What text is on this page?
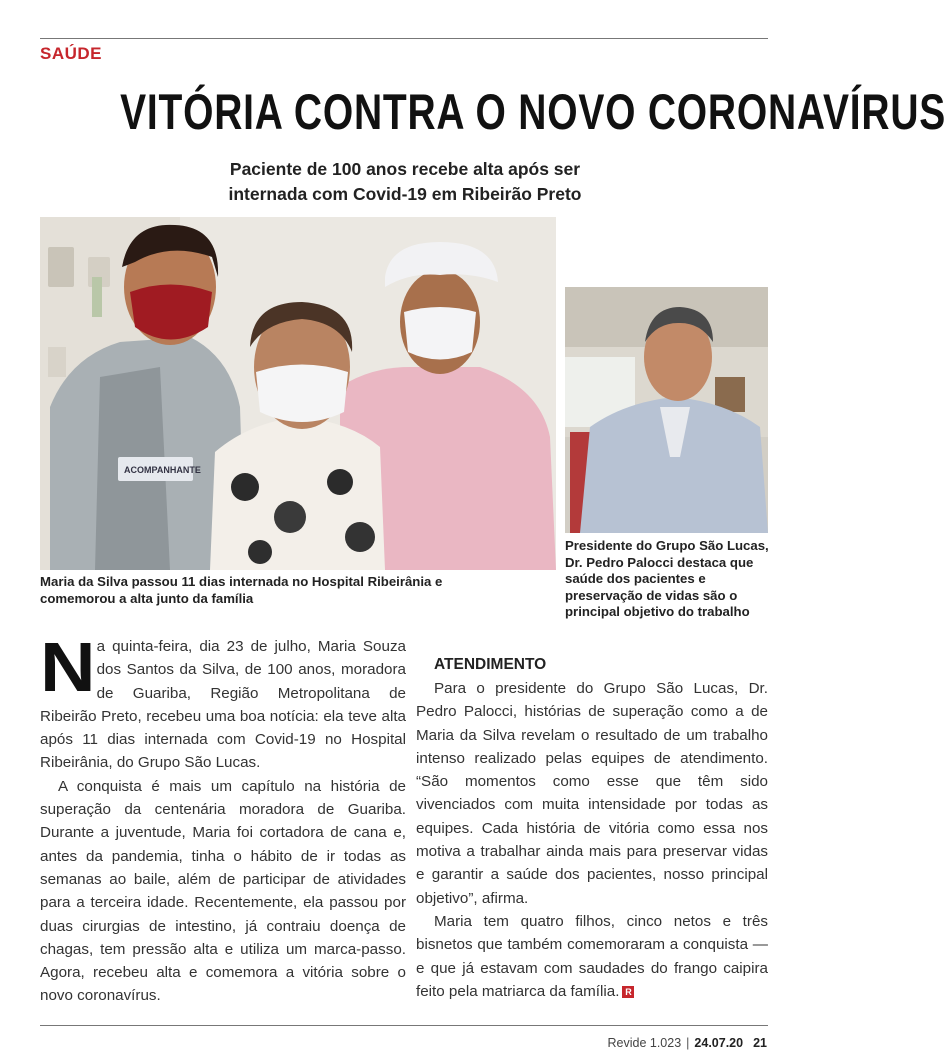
SAÚDE
VITÓRIA CONTRA O NOVO CORONAVÍRUS
Paciente de 100 anos recebe alta após ser
internada com Covid-19 em Ribeirão Preto
ACOMPANHANTE
Maria da Silva passou 11 dias internada no Hospital Ribeirânia e comemorou a alta junto da família
Presidente do Grupo São Lucas, Dr. Pedro Palocci destaca que saúde dos pacientes e preservação de vidas são o principal objetivo do trabalho

Na quinta-feira, dia 23 de julho, Maria Souza dos Santos da Silva, de 100 anos, moradora de Guariba, Região Metropolitana de Ribeirão Preto, recebeu uma boa notícia: ela teve alta após 11 dias internada com Covid-19 no Hospital Ribeirânia, do Grupo São Lucas.

A conquista é mais um capítulo na história de superação da centenária moradora de Guariba. Durante a juventude, Maria foi cortadora de cana e, antes da pandemia, tinha o hábito de ir todas as semanas ao baile, além de participar de atividades para a terceira idade. Recentemente, ela passou por duas cirurgias de intestino, já contraiu doença de chagas, tem pressão alta e utiliza um marca-passo. Agora, recebeu alta e comemora a vitória sobre o novo coronavírus.

ATENDIMENTO

Para o presidente do Grupo São Lucas, Dr. Pedro Palocci, histórias de superação como a de Maria da Silva revelam o resultado de um trabalho intenso realizado pelas equipes de atendimento. “São momentos como esse que têm sido vivenciados com muita intensidade por todas as equipes. Cada história de vitória como essa nos motiva a trabalhar ainda mais para preservar vidas e garantir a saúde dos pacientes, nosso principal objetivo”, afirma.

Maria tem quatro filhos, cinco netos e três bisnetos que também comemoraram a conquista — e que já estavam com saudades do frango caipira feito pela matriarca da família. R

Revide 1.023 | 24.07.20 21
